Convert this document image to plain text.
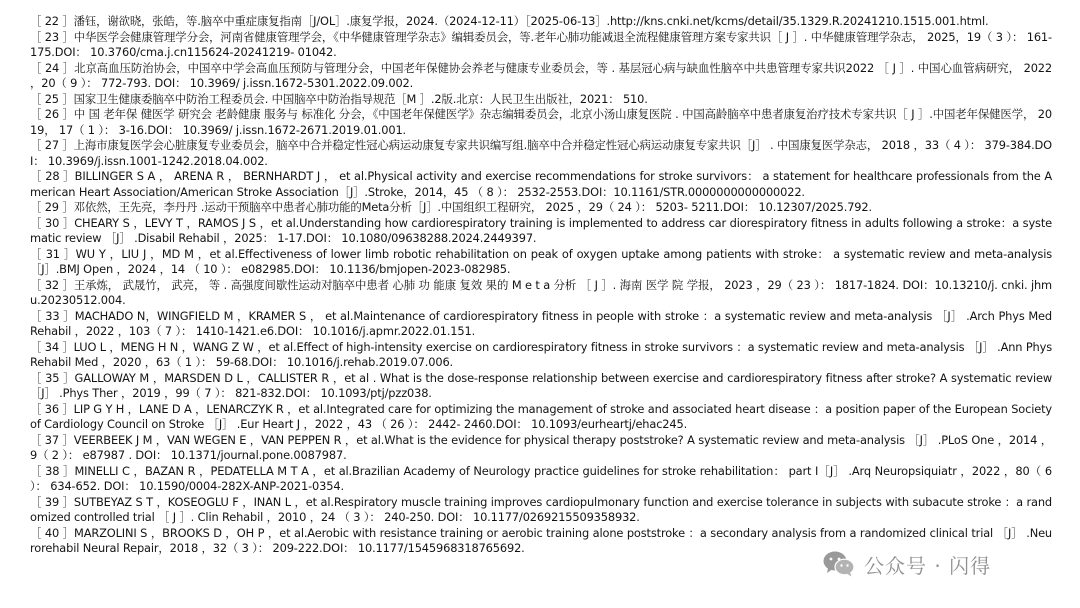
［ 22 ］潘钰，谢欲晓，张皓，等.脑卒中重症康复指南［J/OL］.康复学报，2024.（2024-12-11）［2025-06-13］.http://kns.cnki.net/kcms/detail/35.1329.R.20241210.1515.001.html.
［ 23 ］中华医学会健康管理学分会，河南省健康管理学会，《中华健康管理学杂志》编辑委员会，等.老年心肺功能减退全流程健康管理方案专家共识［ J ］. 中华健康管理学杂志， 2025，19（ 3 ）： 161-175.DOI： 10.3760/cma.j.cn115624-20241219- 01042.
［ 24 ］北京高血压防治协会，中国卒中学会高血压预防与管理分会，中国老年保健协会养老与健康专业委员会，等 . 基层冠心病与缺血性脑卒中共患管理专家共识2022 ［ J ］. 中国心血管病研究， 2022 ，20（ 9 ）： 772-793. DOI： 10.3969/ j.issn.1672-5301.2022.09.002.
［ 25 ］国家卫生健康委脑卒中防治工程委员会. 中国脑卒中防治指导规范［M ］.2版.北京：人民卫生出版社，2021： 510.
［ 26 ］中 国 老年保 健医学 研究会 老龄健康 服务与 标准化 分会，《中国老年保健医学》杂志编辑委员会，北京小汤山康复医院 . 中国高龄脑卒中患者康复治疗技术专家共识［ J ］.中国老年保健医学， 2019， 17（ 1 ）： 3-16.DOI： 10.3969/ j.issn.1672-2671.2019.01.001.
［ 27 ］上海市康复医学会心脏康复专业委员会，脑卒中合并稳定性冠心病运动康复专家共识编写组.脑卒中合并稳定性冠心病运动康复专家共识［J］ . 中国康复医学杂志， 2018 ，33（ 4 ）： 379-384.DOI： 10.3969/j.issn.1001-1242.2018.04.002.
［ 28 ］BILLINGER S A ， ARENA R ， BERNHARDT J ， et al.Physical activity and exercise recommendations for stroke survivors： a statement for healthcare professionals from the American Heart Association/American Stroke Association［J］.Stroke，2014，45 （ 8 ）： 2532-2553.DOI：10.1161/STR.0000000000000022.
［ 29 ］邓依然，王先亮，李丹丹 .运动干预脑卒中患者心肺功能的Meta分析［J］.中国组织工程研究， 2025 ，29（ 24 ）： 5203- 5211.DOI： 10.12307/2025.792.
［ 30 ］CHEARY S ，LEVY T ，RAMOS J S ，et al.Understanding how cardiorespiratory training is implemented to address car diorespiratory fitness in adults following a stroke：a systematic review ［J］ .Disabil Rehabil ，2025： 1-17.DOI： 10.1080/09638288.2024.2449397.
［ 31 ］WU Y ，LIU J ，MD M ，et al.Effectiveness of lower limb robotic rehabilitation on peak of oxygen uptake among patients with stroke： a systematic review and meta-analysis［J］.BMJ Open ，2024 ，14 （ 10 ）： e082985.DOI： 10.1136/bmjopen-2023-082985.
［ 32 ］王承炼， 武晟竹， 武亮， 等 . 高强度间歇性运动对脑卒中患者 心肺 功 能康 复效 果的 M e t a 分析 ［ J ］. 海南 医学 院 学报， 2023 ，29（ 23 ）： 1817-1824. DOI：10.13210/j. cnki. jhmu.20230512.004.
［ 33 ］MACHADO N，WINGFIELD M ，KRAMER S ， et al.Maintenance of cardiorespiratory fitness in people with stroke ：a systematic review and meta-analysis ［J］ .Arch Phys Med Rehabil ，2022 ，103（ 7 ）： 1410-1421.e6.DOI： 10.1016/j.apmr.2022.01.151.
［ 34 ］LUO L ，MENG H N ，WANG Z W ，et al.Effect of high-intensity exercise on cardiorespiratory fitness in stroke survivors ：a systematic review and meta-analysis ［J］ .Ann Phys Rehabil Med ，2020 ，63（ 1 ）： 59-68.DOI： 10.1016/j.rehab.2019.07.006.
［ 35 ］GALLOWAY M ，MARSDEN D L ，CALLISTER R ，et al . What is the dose-response relationship between exercise and cardiorespiratory fitness after stroke? A systematic review ［J］ .Phys Ther ，2019 ，99（ 7 ）： 821-832.DOI： 10.1093/ptj/pzz038.
［ 36 ］LIP G Y H ，LANE D A ，LENARCZYK R ，et al.Integrated care for optimizing the management of stroke and associated heart disease ：a position paper of the European Society of Cardiology Council on Stroke ［J］ .Eur Heart J ，2022 ，43 （ 26 ）： 2442- 2460.DOI： 10.1093/eurheartj/ehac245.
［ 37 ］VEERBEEK J M ，VAN WEGEN E ，VAN PEPPEN R ，et al.What is the evidence for physical therapy poststroke? A systematic review and meta-analysis ［J］ .PLoS One ，2014 ，9（ 2 ）： e87987 . DOI： 10.1371/journal.pone.0087987.
［ 38 ］MINELLI C ，BAZAN R ，PEDATELLA M T A ，et al.Brazilian Academy of Neurology practice guidelines for stroke rehabilitation： part Ⅰ［J］ .Arq Neuropsiquiatr ，2022 ，80（ 6 ）： 634-652. DOI： 10.1590/0004-282X-ANP-2021-0354.
［ 39 ］SUTBEYAZ S T ，KOSEOGLU F ，INAN L ，et al.Respiratory muscle training improves cardiopulmonary function and exercise tolerance in subjects with subacute stroke ：a randomized controlled trial ［ J ］. Clin Rehabil ，2010 ，24 （ 3 ）： 240-250. DOI： 10.1177/0269215509358932.
［ 40 ］MARZOLINI S ，BROOKS D ，OH P ，et al.Aerobic with resistance training or aerobic training alone poststroke ：a secondary analysis from a randomized clinical trial ［J］ .Neurorehabil Neural Repair，2018 ，32（ 3 ）： 209-222.DOI： 10.1177/1545968318765692.
公众号 · 闪得
